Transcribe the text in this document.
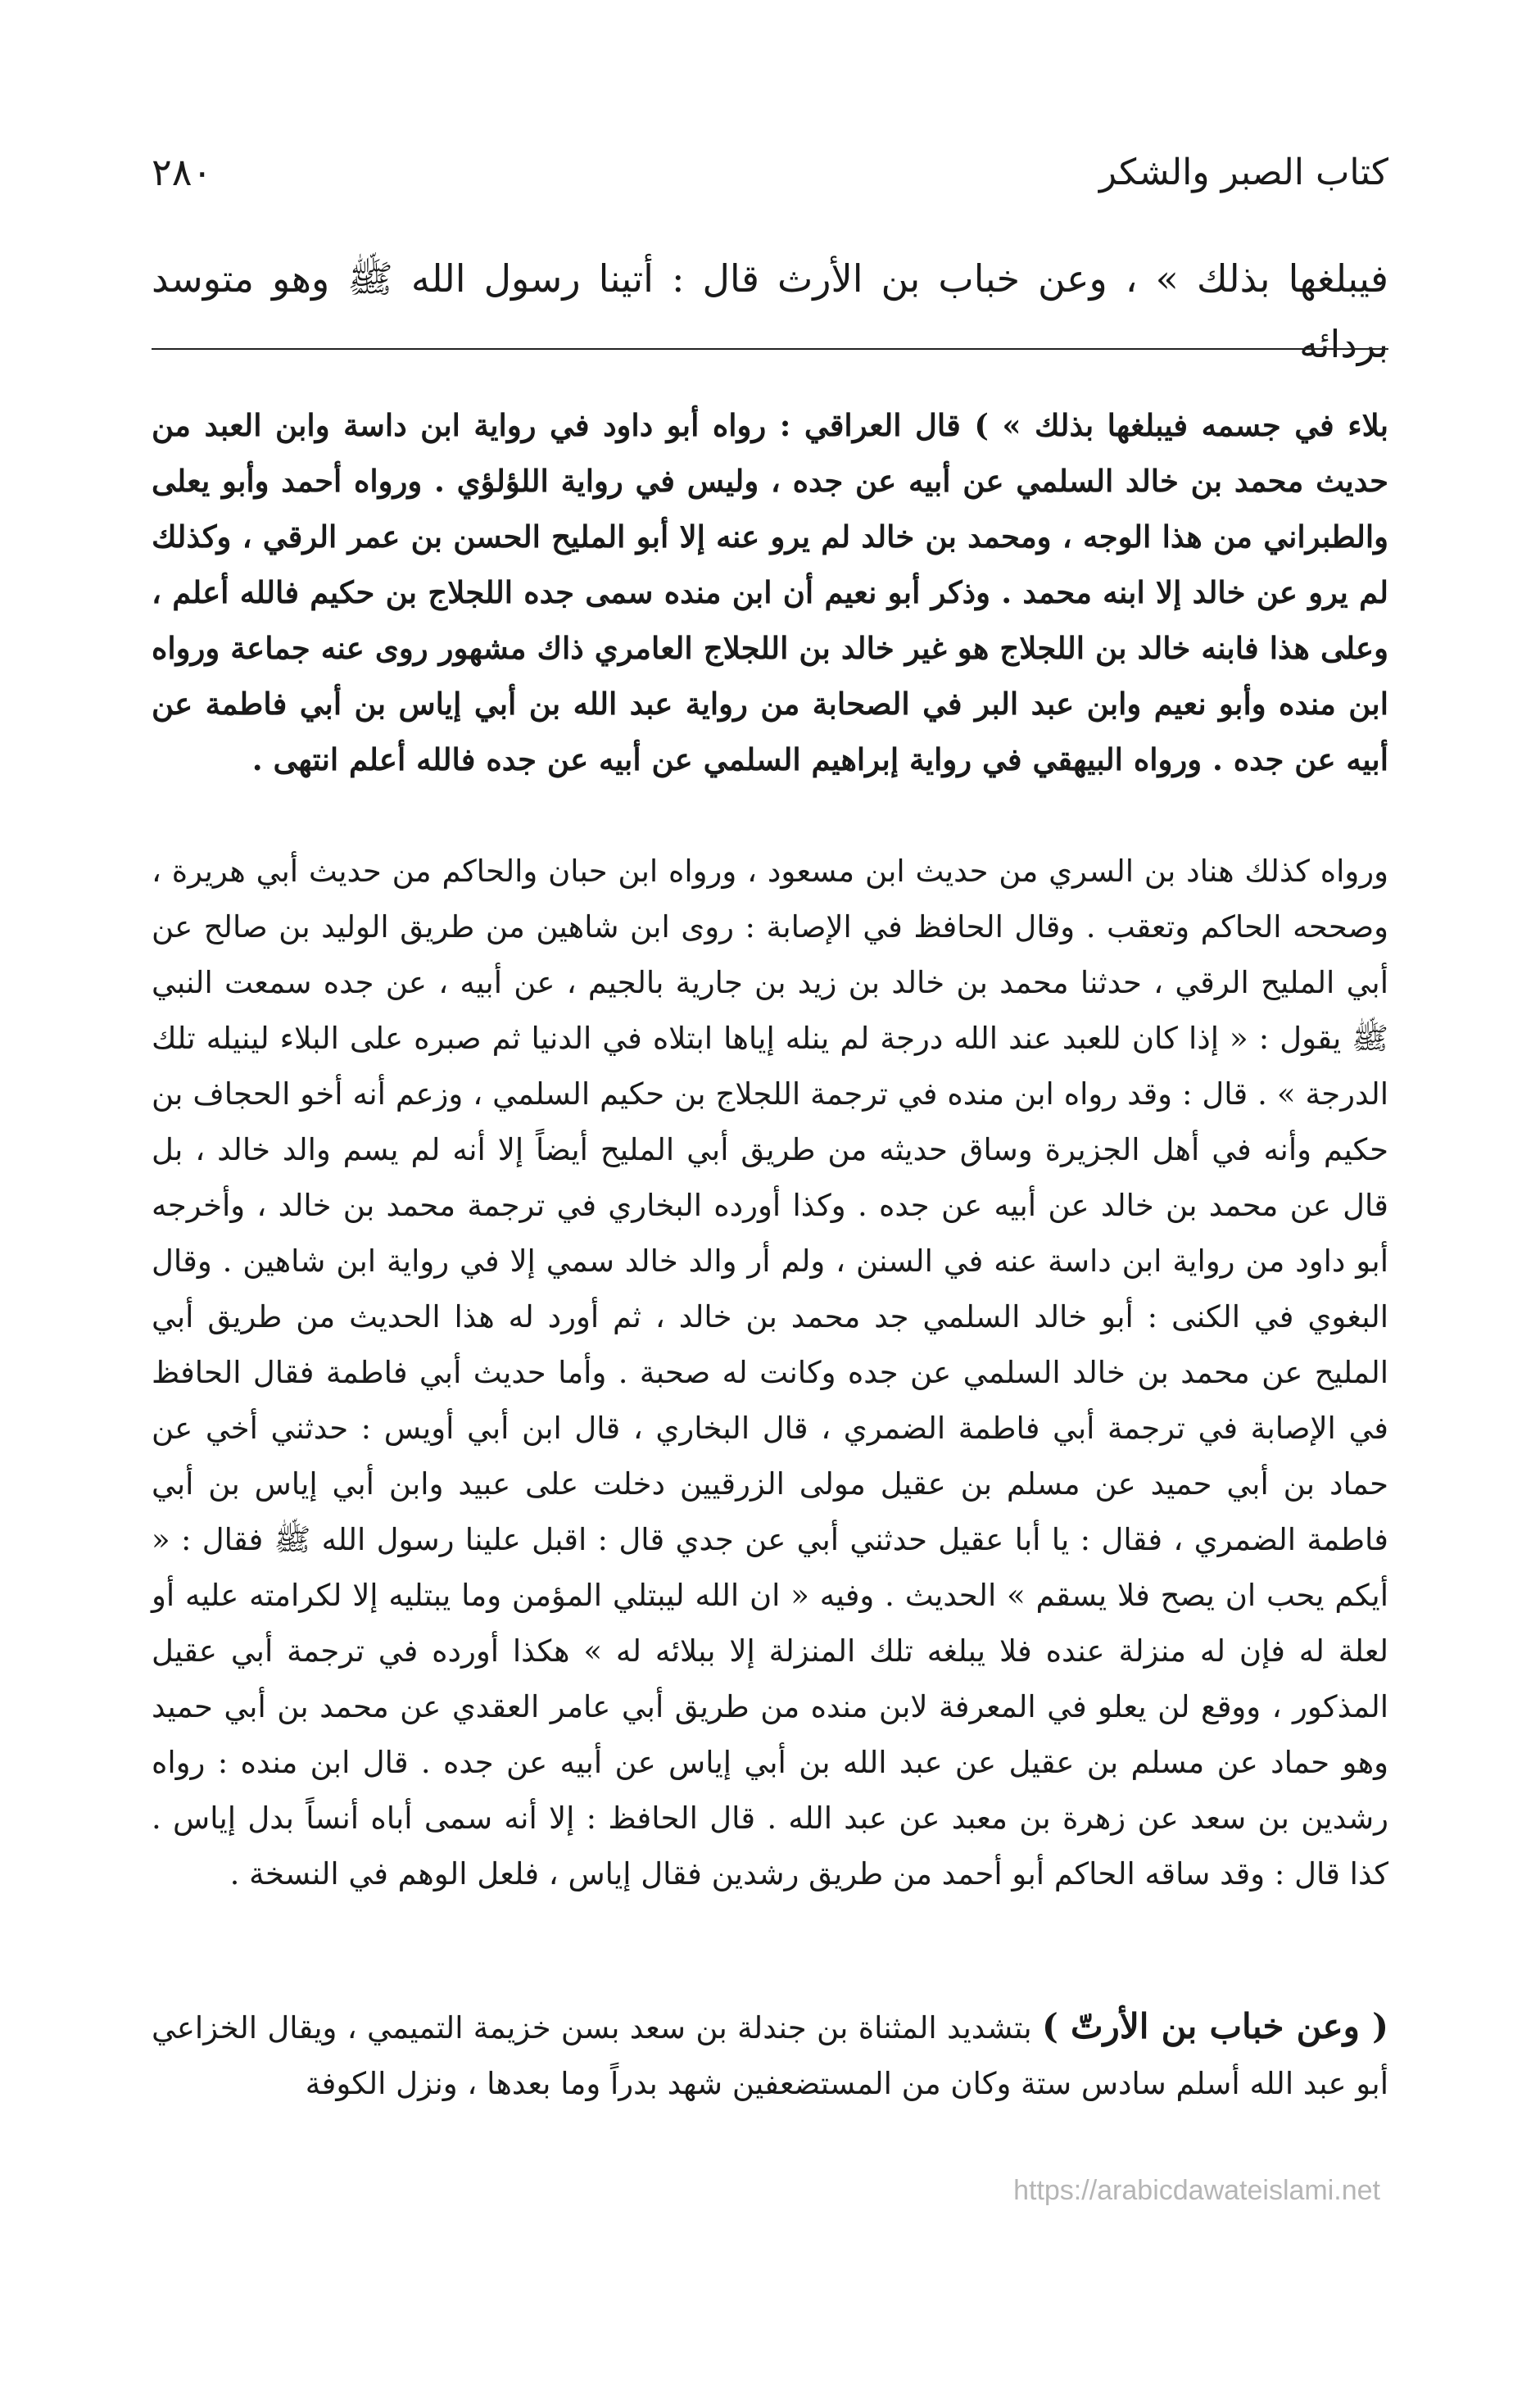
كتاب الصبر والشكر
٢٨٠
فيبلغها بذلك » ، وعن خباب بن الأرث قال : أتينا رسول الله ﷺ وهو متوسد بردائه
بلاء في جسمه فيبلغها بذلك » ) قال العراقي : رواه أبو داود في رواية ابن داسة وابن العبد من حديث محمد بن خالد السلمي عن أبيه عن جده ، وليس في رواية اللؤلؤي . ورواه أحمد وأبو يعلى والطبراني من هذا الوجه ، ومحمد بن خالد لم يرو عنه إلا أبو المليح الحسن بن عمر الرقي ، وكذلك لم يرو عن خالد إلا ابنه محمد . وذكر أبو نعيم أن ابن منده سمى جده اللجلاج بن حكيم فالله أعلم ، وعلى هذا فابنه خالد بن اللجلاج هو غير خالد بن اللجلاج العامري ذاك مشهور روى عنه جماعة ورواه ابن منده وأبو نعيم وابن عبد البر في الصحابة من رواية عبد الله بن أبي إياس بن أبي فاطمة عن أبيه عن جده . ورواه البيهقي في رواية إبراهيم السلمي عن أبيه عن جده فالله أعلم انتهى .
ورواه كذلك هناد بن السري من حديث ابن مسعود ، ورواه ابن حبان والحاكم من حديث أبي هريرة ، وصححه الحاكم وتعقب . وقال الحافظ في الإصابة : روى ابن شاهين من طريق الوليد بن صالح عن أبي المليح الرقي ، حدثنا محمد بن خالد بن زيد بن جارية بالجيم ، عن أبيه ، عن جده سمعت النبي ﷺ يقول : « إذا كان للعبد عند الله درجة لم ينله إياها ابتلاه في الدنيا ثم صبره على البلاء لينيله تلك الدرجة » . قال : وقد رواه ابن منده في ترجمة اللجلاج بن حكيم السلمي ، وزعم أنه أخو الحجاف بن حكيم وأنه في أهل الجزيرة وساق حديثه من طريق أبي المليح أيضاً إلا أنه لم يسم والد خالد ، بل قال عن محمد بن خالد عن أبيه عن جده . وكذا أورده البخاري في ترجمة محمد بن خالد ، وأخرجه أبو داود من رواية ابن داسة عنه في السنن ، ولم أر والد خالد سمي إلا في رواية ابن شاهين . وقال البغوي في الكنى : أبو خالد السلمي جد محمد بن خالد ، ثم أورد له هذا الحديث من طريق أبي المليح عن محمد بن خالد السلمي عن جده وكانت له صحبة . وأما حديث أبي فاطمة فقال الحافظ في الإصابة في ترجمة أبي فاطمة الضمري ، قال البخاري ، قال ابن أبي أويس : حدثني أخي عن حماد بن أبي حميد عن مسلم بن عقيل مولى الزرقيين دخلت على عبيد وابن أبي إياس بن أبي فاطمة الضمري ، فقال : يا أبا عقيل حدثني أبي عن جدي قال : اقبل علينا رسول الله ﷺ فقال : « أيكم يحب ان يصح فلا يسقم » الحديث . وفيه « ان الله ليبتلي المؤمن وما يبتليه إلا لكرامته عليه أو لعلة له فإن له منزلة عنده فلا يبلغه تلك المنزلة إلا ببلائه له » هكذا أورده في ترجمة أبي عقيل المذكور ، ووقع لن يعلو في المعرفة لابن منده من طريق أبي عامر العقدي عن محمد بن أبي حميد وهو حماد عن مسلم بن عقيل عن عبد الله بن أبي إياس عن أبيه عن جده . قال ابن منده : رواه رشدين بن سعد عن زهرة بن معبد عن عبد الله . قال الحافظ : إلا أنه سمى أباه أنساً بدل إياس . كذا قال : وقد ساقه الحاكم أبو أحمد من طريق رشدين فقال إياس ، فلعل الوهم في النسخة .
( وعن خباب بن الأرتّ ) بتشديد المثناة بن جندلة بن سعد بسن خزيمة التميمي ، ويقال الخزاعي أبو عبد الله أسلم سادس ستة وكان من المستضعفين شهد بدراً وما بعدها ، ونزل الكوفة
https://arabicdawateislami.net
